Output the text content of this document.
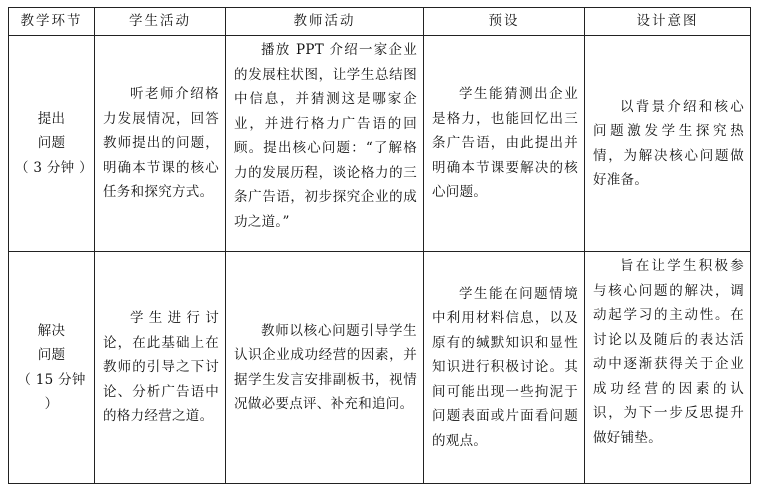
教学环节	学生活动	教师活动	预设	设计意图

提出
问题
（ 3 分钟 ）	听老师介绍格力发展情况，回答教师提出的问题，明确本节课的核心任务和探究方式。	播放 PPT 介绍一家企业的发展柱状图，让学生总结图中信息，并猜测这是哪家企业，并进行格力广告语的回顾。提出核心问题：“了解格力的发展历程，谈论格力的三条广告语，初步探究企业的成功之道。”	学生能猜测出企业是格力，也能回忆出三条广告语，由此提出并明确本节课要解决的核心问题。	以背景介绍和核心问题激发学生探究热情，为解决核心问题做好准备。

解决
问题
（ 15 分钟 ）	学生进行讨论，在此基础上在教师的引导之下讨论、分析广告语中的格力经营之道。	教师以核心问题引导学生认识企业成功经营的因素，并据学生发言安排副板书，视情况做必要点评、补充和追问。	学生能在问题情境中利用材料信息，以及原有的缄默知识和显性知识进行积极讨论。其间可能出现一些拘泥于问题表面或片面看问题的观点。	旨在让学生积极参与核心问题的解决，调动起学习的主动性。在讨论以及随后的表达活动中逐渐获得关于企业成功经营的因素的认识，为下一步反思提升做好铺垫。
